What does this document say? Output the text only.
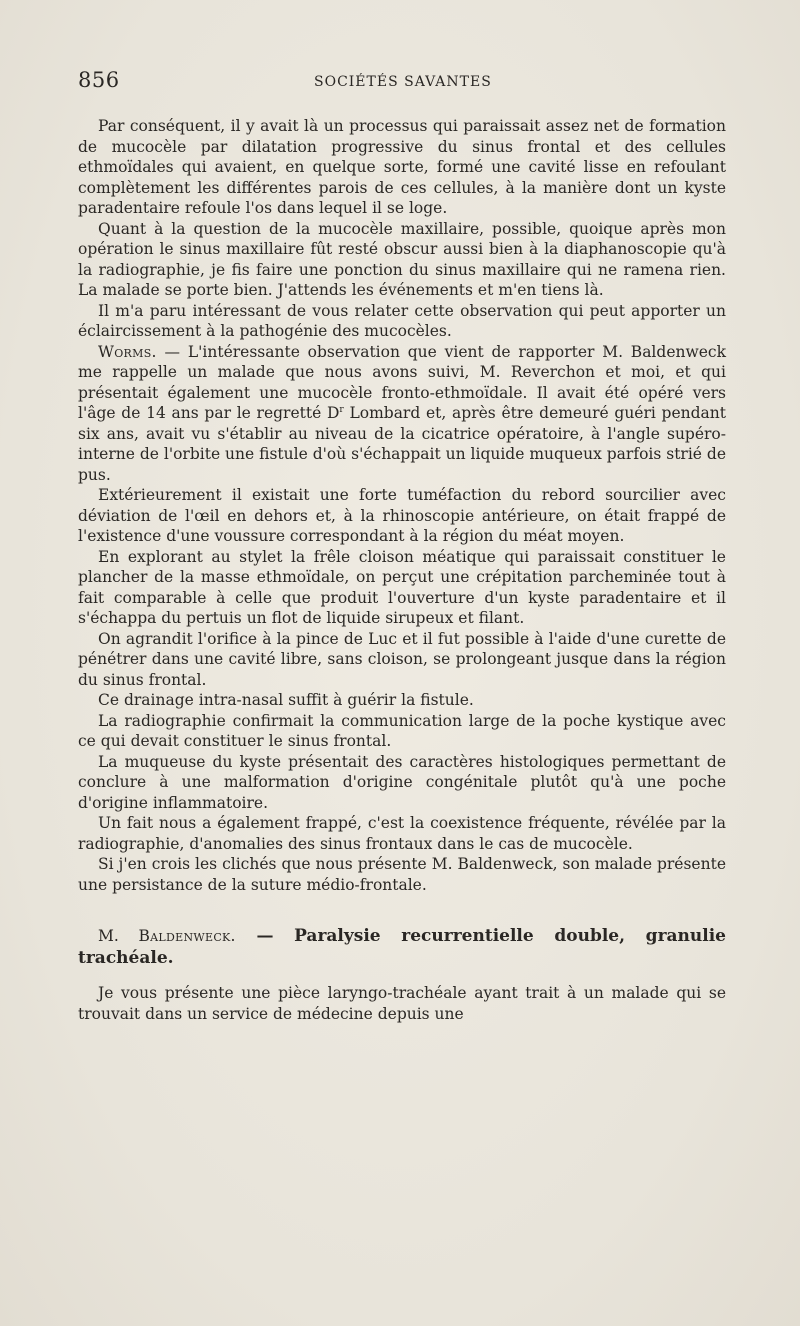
856	SOCIÉTÉS SAVANTES

Par conséquent, il y avait là un processus qui paraissait assez net de formation de mucocèle par dilatation progressive du sinus frontal et des cellules ethmoïdales qui avaient, en quelque sorte, formé une cavité lisse en refoulant complètement les différentes parois de ces cellules, à la manière dont un kyste paradentaire refoule l'os dans lequel il se loge.

Quant à la question de la mucocèle maxillaire, possible, quoique après mon opération le sinus maxillaire fût resté obscur aussi bien à la diaphanoscopie qu'à la radiographie, je fis faire une ponction du sinus maxillaire qui ne ramena rien. La malade se porte bien. J'attends les événements et m'en tiens là.

Il m'a paru intéressant de vous relater cette observation qui peut apporter un éclaircissement à la pathogénie des mucocèles.

Worms. — L'intéressante observation que vient de rapporter M. Baldenweck me rappelle un malade que nous avons suivi, M. Reverchon et moi, et qui présentait également une mucocèle fronto-ethmoïdale. Il avait été opéré vers l'âge de 14 ans par le regretté $D^r$ Lombard et, après être demeuré guéri pendant six ans, avait vu s'établir au niveau de la cicatrice opératoire, à l'angle supéro-interne de l'orbite une fistule d'où s'échappait un liquide muqueux parfois strié de pus.

Extérieurement il existait une forte tuméfaction du rebord sourcilier avec déviation de l'œil en dehors et, à la rhinoscopie antérieure, on était frappé de l'existence d'une voussure correspondant à la région du méat moyen.

En explorant au stylet la frêle cloison méatique qui paraissait constituer le plancher de la masse ethmoïdale, on perçut une crépitation parcheminée tout à fait comparable à celle que produit l'ouverture d'un kyste paradentaire et il s'échappa du pertuis un flot de liquide sirupeux et filant.

On agrandit l'orifice à la pince de Luc et il fut possible à l'aide d'une curette de pénétrer dans une cavité libre, sans cloison, se prolongeant jusque dans la région du sinus frontal.

Ce drainage intra-nasal suffit à guérir la fistule.

La radiographie confirmait la communication large de la poche kystique avec ce qui devait constituer le sinus frontal.

La muqueuse du kyste présentait des caractères histologiques permettant de conclure à une malformation d'origine congénitale plutôt qu'à une poche d'origine inflammatoire.

Un fait nous a également frappé, c'est la coexistence fréquente, révélée par la radiographie, d'anomalies des sinus frontaux dans le cas de mucocèle.

Si j'en crois les clichés que nous présente M. Baldenweck, son malade présente une persistance de la suture médio-frontale.

M. Baldenweck. — Paralysie recurrentielle double, granulie trachéale.

Je vous présente une pièce laryngo-trachéale ayant trait à un malade qui se trouvait dans un service de médecine depuis une
